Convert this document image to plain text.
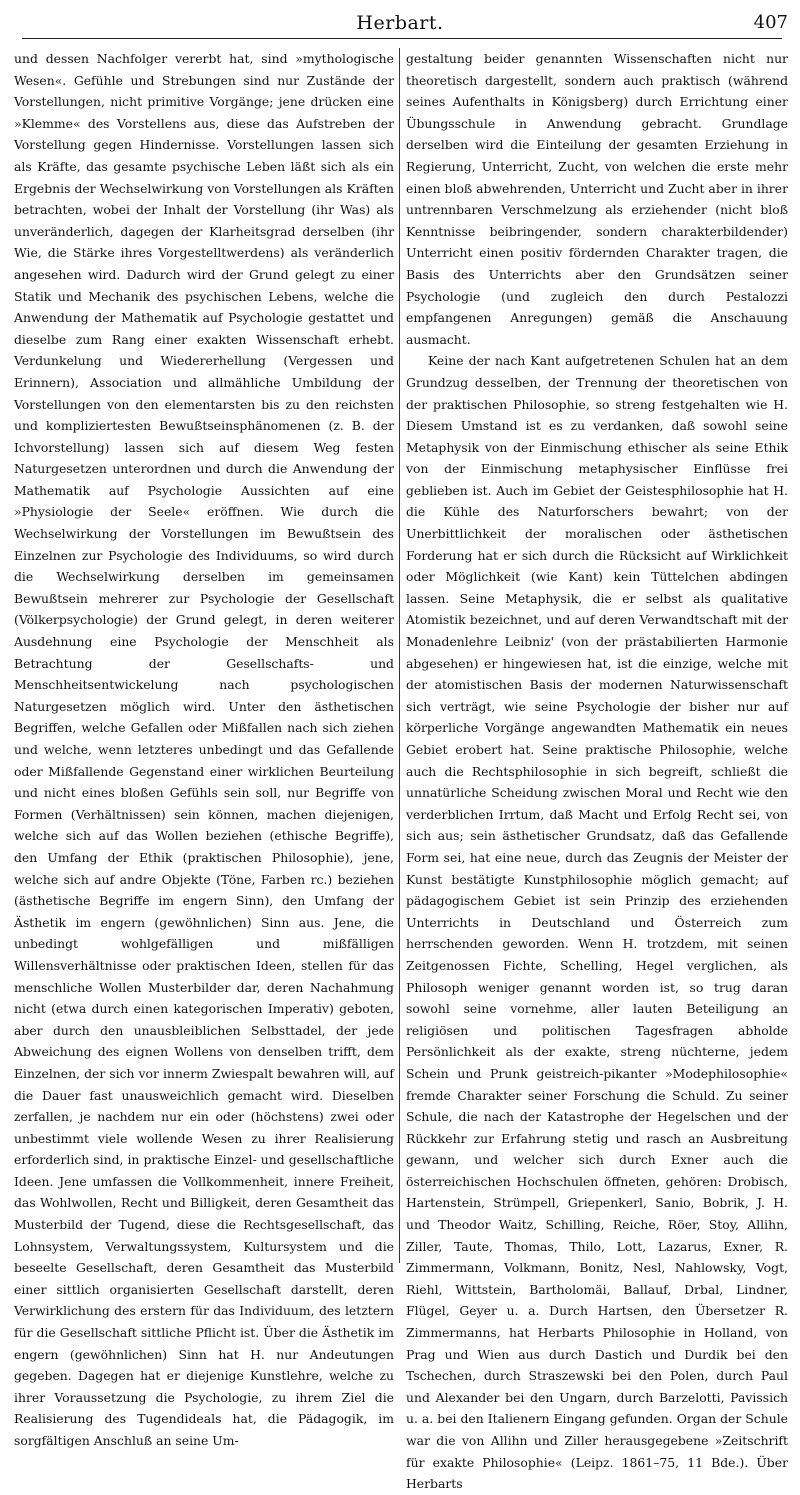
Herbart.	407

und dessen Nachfolger vererbt hat, sind »mythologische Wesen«. Gefühle und Strebungen sind nur Zustände der Vorstellungen, nicht primitive Vorgänge; jene drücken eine »Klemme« des Vorstellens aus, diese das Aufstreben der Vorstellung gegen Hindernisse. Vorstellungen lassen sich als Kräfte, das gesamte psychische Leben läßt sich als ein Ergebnis der Wechselwirkung von Vorstellungen als Kräften betrachten, wobei der Inhalt der Vorstellung (ihr Was) als unveränderlich, dagegen der Klarheitsgrad derselben (ihr Wie, die Stärke ihres Vorgestelltwerdens) als veränderlich angesehen wird. Dadurch wird der Grund gelegt zu einer Statik und Mechanik des psychischen Lebens, welche die Anwendung der Mathematik auf Psychologie gestattet und dieselbe zum Rang einer exakten Wissenschaft erhebt. Verdunkelung und Wiedererhellung (Vergessen und Erinnern), Association und allmähliche Umbildung der Vorstellungen von den elementarsten bis zu den reichsten und kompliziertesten Bewußtseinsphänomenen (z. B. der Ichvorstellung) lassen sich auf diesem Weg festen Naturgesetzen unterordnen und durch die Anwendung der Mathematik auf Psychologie Aussichten auf eine »Physiologie der Seele« eröffnen. Wie durch die Wechselwirkung der Vorstellungen im Bewußtsein des Einzelnen zur Psychologie des Individuums, so wird durch die Wechselwirkung derselben im gemeinsamen Bewußtsein mehrerer zur Psychologie der Gesellschaft (Völkerpsychologie) der Grund gelegt, in deren weiterer Ausdehnung eine Psychologie der Menschheit als Betrachtung der Gesellschafts- und Menschheitsentwickelung nach psychologischen Naturgesetzen möglich wird. Unter den ästhetischen Begriffen, welche Gefallen oder Mißfallen nach sich ziehen und welche, wenn letzteres unbedingt und das Gefallende oder Mißfallende Gegenstand einer wirklichen Beurteilung und nicht eines bloßen Gefühls sein soll, nur Begriffe von Formen (Verhältnissen) sein können, machen diejenigen, welche sich auf das Wollen beziehen (ethische Begriffe), den Umfang der Ethik (praktischen Philosophie), jene, welche sich auf andre Objekte (Töne, Farben rc.) beziehen (ästhetische Begriffe im engern Sinn), den Umfang der Ästhetik im engern (gewöhnlichen) Sinn aus. Jene, die unbedingt wohlgefälligen und mißfälligen Willensverhältnisse oder praktischen Ideen, stellen für das menschliche Wollen Musterbilder dar, deren Nachahmung nicht (etwa durch einen kategorischen Imperativ) geboten, aber durch den unausbleiblichen Selbsttadel, der jede Abweichung des eignen Wollens von denselben trifft, dem Einzelnen, der sich vor innerm Zwiespalt bewahren will, auf die Dauer fast unausweichlich gemacht wird. Dieselben zerfallen, je nachdem nur ein oder (höchstens) zwei oder unbestimmt viele wollende Wesen zu ihrer Realisierung erforderlich sind, in praktische Einzel- und gesellschaftliche Ideen. Jene umfassen die Vollkommenheit, innere Freiheit, das Wohlwollen, Recht und Billigkeit, deren Gesamtheit das Musterbild der Tugend, diese die Rechtsgesellschaft, das Lohnsystem, Verwaltungssystem, Kultursystem und die beseelte Gesellschaft, deren Gesamtheit das Musterbild einer sittlich organisierten Gesellschaft darstellt, deren Verwirklichung des erstern für das Individuum, des letztern für die Gesellschaft sittliche Pflicht ist. Über die Ästhetik im engern (gewöhnlichen) Sinn hat H. nur Andeutungen gegeben. Dagegen hat er diejenige Kunstlehre, welche zu ihrer Voraussetzung die Psychologie, zu ihrem Ziel die Realisierung des Tugendideals hat, die Pädagogik, im sorgfältigen Anschluß an seine Um-

gestaltung beider genannten Wissenschaften nicht nur theoretisch dargestellt, sondern auch praktisch (während seines Aufenthalts in Königsberg) durch Errichtung einer Übungsschule in Anwendung gebracht. Grundlage derselben wird die Einteilung der gesamten Erziehung in Regierung, Unterricht, Zucht, von welchen die erste mehr einen bloß abwehrenden, Unterricht und Zucht aber in ihrer untrennbaren Verschmelzung als erziehender (nicht bloß Kenntnisse beibringender, sondern charakterbildender) Unterricht einen positiv fördernden Charakter tragen, die Basis des Unterrichts aber den Grundsätzen seiner Psychologie (und zugleich den durch Pestalozzi empfangenen Anregungen) gemäß die Anschauung ausmacht.

Keine der nach Kant aufgetretenen Schulen hat an dem Grundzug desselben, der Trennung der theoretischen von der praktischen Philosophie, so streng festgehalten wie H. Diesem Umstand ist es zu verdanken, daß sowohl seine Metaphysik von der Einmischung ethischer als seine Ethik von der Einmischung metaphysischer Einflüsse frei geblieben ist. Auch im Gebiet der Geistesphilosophie hat H. die Kühle des Naturforschers bewahrt; von der Unerbittlichkeit der moralischen oder ästhetischen Forderung hat er sich durch die Rücksicht auf Wirklichkeit oder Möglichkeit (wie Kant) kein Tüttelchen abdingen lassen. Seine Metaphysik, die er selbst als qualitative Atomistik bezeichnet, und auf deren Verwandtschaft mit der Monadenlehre Leibniz' (von der prästabilierten Harmonie abgesehen) er hingewiesen hat, ist die einzige, welche mit der atomistischen Basis der modernen Naturwissenschaft sich verträgt, wie seine Psychologie der bisher nur auf körperliche Vorgänge angewandten Mathematik ein neues Gebiet erobert hat. Seine praktische Philosophie, welche auch die Rechtsphilosophie in sich begreift, schließt die unnatürliche Scheidung zwischen Moral und Recht wie den verderblichen Irrtum, daß Macht und Erfolg Recht sei, von sich aus; sein ästhetischer Grundsatz, daß das Gefallende Form sei, hat eine neue, durch das Zeugnis der Meister der Kunst bestätigte Kunstphilosophie möglich gemacht; auf pädagogischem Gebiet ist sein Prinzip des erziehenden Unterrichts in Deutschland und Österreich zum herrschenden geworden. Wenn H. trotzdem, mit seinen Zeitgenossen Fichte, Schelling, Hegel verglichen, als Philosoph weniger genannt worden ist, so trug daran sowohl seine vornehme, aller lauten Beteiligung an religiösen und politischen Tagesfragen abholde Persönlichkeit als der exakte, streng nüchterne, jedem Schein und Prunk geistreich-pikanter »Modephilosophie« fremde Charakter seiner Forschung die Schuld. Zu seiner Schule, die nach der Katastrophe der Hegelschen und der Rückkehr zur Erfahrung stetig und rasch an Ausbreitung gewann, und welcher sich durch Exner auch die österreichischen Hochschulen öffneten, gehören: Drobisch, Hartenstein, Strümpell, Griepenkerl, Sanio, Bobrik, J. H. und Theodor Waitz, Schilling, Reiche, Röer, Stoy, Allihn, Ziller, Taute, Thomas, Thilo, Lott, Lazarus, Exner, R. Zimmermann, Volkmann, Bonitz, Nesl, Nahlowsky, Vogt, Riehl, Wittstein, Bartholomäi, Ballauf, Drbal, Lindner, Flügel, Geyer u. a. Durch Hartsen, den Übersetzer R. Zimmermanns, hat Herbarts Philosophie in Holland, von Prag und Wien aus durch Dastich und Durdik bei den Tschechen, durch Straszewski bei den Polen, durch Paul und Alexander bei den Ungarn, durch Barzelotti, Pavissich u. a. bei den Italienern Eingang gefunden. Organ der Schule war die von Allihn und Ziller herausgegebene »Zeitschrift für exakte Philosophie« (Leipz. 1861–75, 11 Bde.). Über Herbarts
